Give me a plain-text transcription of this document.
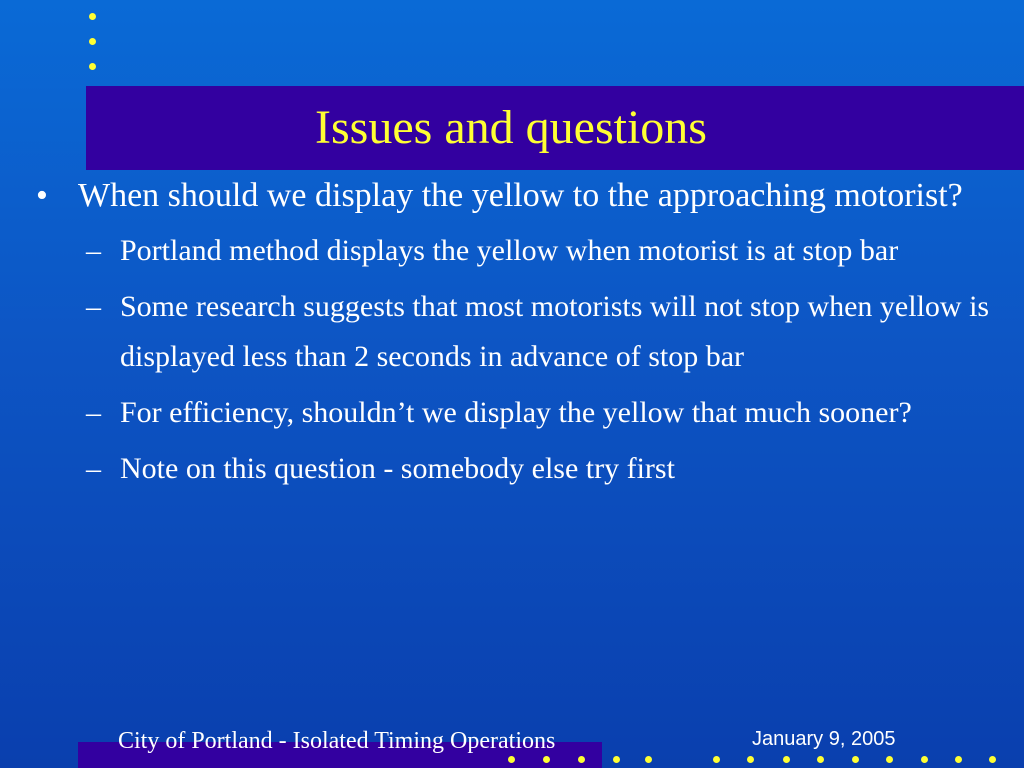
Issues and questions
• When should we display the yellow to the approaching motorist?
– Portland method displays the yellow when motorist is at stop bar
– Some research suggests that most motorists will not stop when yellow is displayed less than 2 seconds in advance of stop bar
– For efficiency, shouldn’t we display the yellow that much sooner?
– Note on this question - somebody else try first
City of Portland - Isolated Timing Operations	January 9, 2005
